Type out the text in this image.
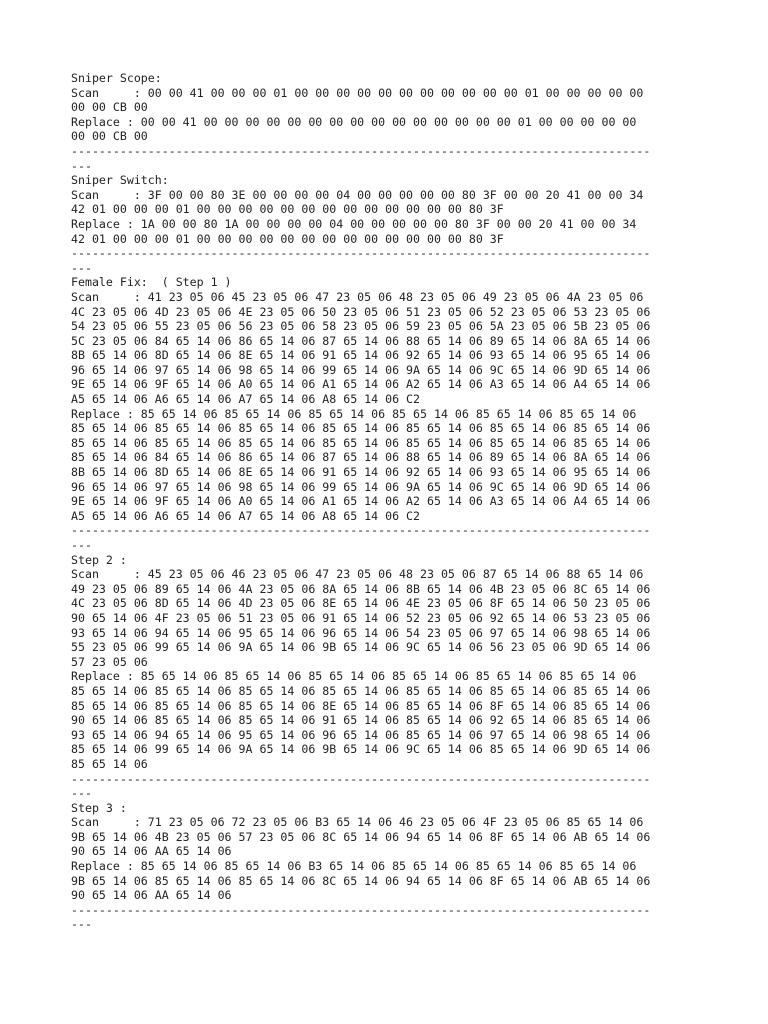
Sniper Scope:
Scan     : 00 00 41 00 00 00 01 00 00 00 00 00 00 00 00 00 00 00 01 00 00 00 00 00
00 00 CB 00
Replace : 00 00 41 00 00 00 00 00 00 00 00 00 00 00 00 00 00 00 01 00 00 00 00 00
00 00 CB 00
-----------------------------------------------------------------------------------
---
Sniper Switch:
Scan     : 3F 00 00 80 3E 00 00 00 00 04 00 00 00 00 00 80 3F 00 00 20 41 00 00 34
42 01 00 00 00 01 00 00 00 00 00 00 00 00 00 00 00 00 00 80 3F
Replace : 1A 00 00 80 1A 00 00 00 00 04 00 00 00 00 00 80 3F 00 00 20 41 00 00 34
42 01 00 00 00 01 00 00 00 00 00 00 00 00 00 00 00 00 00 80 3F
-----------------------------------------------------------------------------------
---
Female Fix:  ( Step 1 )
Scan     : 41 23 05 06 45 23 05 06 47 23 05 06 48 23 05 06 49 23 05 06 4A 23 05 06
4C 23 05 06 4D 23 05 06 4E 23 05 06 50 23 05 06 51 23 05 06 52 23 05 06 53 23 05 06
54 23 05 06 55 23 05 06 56 23 05 06 58 23 05 06 59 23 05 06 5A 23 05 06 5B 23 05 06
5C 23 05 06 84 65 14 06 86 65 14 06 87 65 14 06 88 65 14 06 89 65 14 06 8A 65 14 06
8B 65 14 06 8D 65 14 06 8E 65 14 06 91 65 14 06 92 65 14 06 93 65 14 06 95 65 14 06
96 65 14 06 97 65 14 06 98 65 14 06 99 65 14 06 9A 65 14 06 9C 65 14 06 9D 65 14 06
9E 65 14 06 9F 65 14 06 A0 65 14 06 A1 65 14 06 A2 65 14 06 A3 65 14 06 A4 65 14 06
A5 65 14 06 A6 65 14 06 A7 65 14 06 A8 65 14 06 C2
Replace : 85 65 14 06 85 65 14 06 85 65 14 06 85 65 14 06 85 65 14 06 85 65 14 06
85 65 14 06 85 65 14 06 85 65 14 06 85 65 14 06 85 65 14 06 85 65 14 06 85 65 14 06
85 65 14 06 85 65 14 06 85 65 14 06 85 65 14 06 85 65 14 06 85 65 14 06 85 65 14 06
85 65 14 06 84 65 14 06 86 65 14 06 87 65 14 06 88 65 14 06 89 65 14 06 8A 65 14 06
8B 65 14 06 8D 65 14 06 8E 65 14 06 91 65 14 06 92 65 14 06 93 65 14 06 95 65 14 06
96 65 14 06 97 65 14 06 98 65 14 06 99 65 14 06 9A 65 14 06 9C 65 14 06 9D 65 14 06
9E 65 14 06 9F 65 14 06 A0 65 14 06 A1 65 14 06 A2 65 14 06 A3 65 14 06 A4 65 14 06
A5 65 14 06 A6 65 14 06 A7 65 14 06 A8 65 14 06 C2
-----------------------------------------------------------------------------------
---
Step 2 :
Scan     : 45 23 05 06 46 23 05 06 47 23 05 06 48 23 05 06 87 65 14 06 88 65 14 06
49 23 05 06 89 65 14 06 4A 23 05 06 8A 65 14 06 8B 65 14 06 4B 23 05 06 8C 65 14 06
4C 23 05 06 8D 65 14 06 4D 23 05 06 8E 65 14 06 4E 23 05 06 8F 65 14 06 50 23 05 06
90 65 14 06 4F 23 05 06 51 23 05 06 91 65 14 06 52 23 05 06 92 65 14 06 53 23 05 06
93 65 14 06 94 65 14 06 95 65 14 06 96 65 14 06 54 23 05 06 97 65 14 06 98 65 14 06
55 23 05 06 99 65 14 06 9A 65 14 06 9B 65 14 06 9C 65 14 06 56 23 05 06 9D 65 14 06
57 23 05 06
Replace : 85 65 14 06 85 65 14 06 85 65 14 06 85 65 14 06 85 65 14 06 85 65 14 06
85 65 14 06 85 65 14 06 85 65 14 06 85 65 14 06 85 65 14 06 85 65 14 06 85 65 14 06
85 65 14 06 85 65 14 06 85 65 14 06 8E 65 14 06 85 65 14 06 8F 65 14 06 85 65 14 06
90 65 14 06 85 65 14 06 85 65 14 06 91 65 14 06 85 65 14 06 92 65 14 06 85 65 14 06
93 65 14 06 94 65 14 06 95 65 14 06 96 65 14 06 85 65 14 06 97 65 14 06 98 65 14 06
85 65 14 06 99 65 14 06 9A 65 14 06 9B 65 14 06 9C 65 14 06 85 65 14 06 9D 65 14 06
85 65 14 06
-----------------------------------------------------------------------------------
---
Step 3 :
Scan     : 71 23 05 06 72 23 05 06 B3 65 14 06 46 23 05 06 4F 23 05 06 85 65 14 06
9B 65 14 06 4B 23 05 06 57 23 05 06 8C 65 14 06 94 65 14 06 8F 65 14 06 AB 65 14 06
90 65 14 06 AA 65 14 06
Replace : 85 65 14 06 85 65 14 06 B3 65 14 06 85 65 14 06 85 65 14 06 85 65 14 06
9B 65 14 06 85 65 14 06 85 65 14 06 8C 65 14 06 94 65 14 06 8F 65 14 06 AB 65 14 06
90 65 14 06 AA 65 14 06
-----------------------------------------------------------------------------------
---
